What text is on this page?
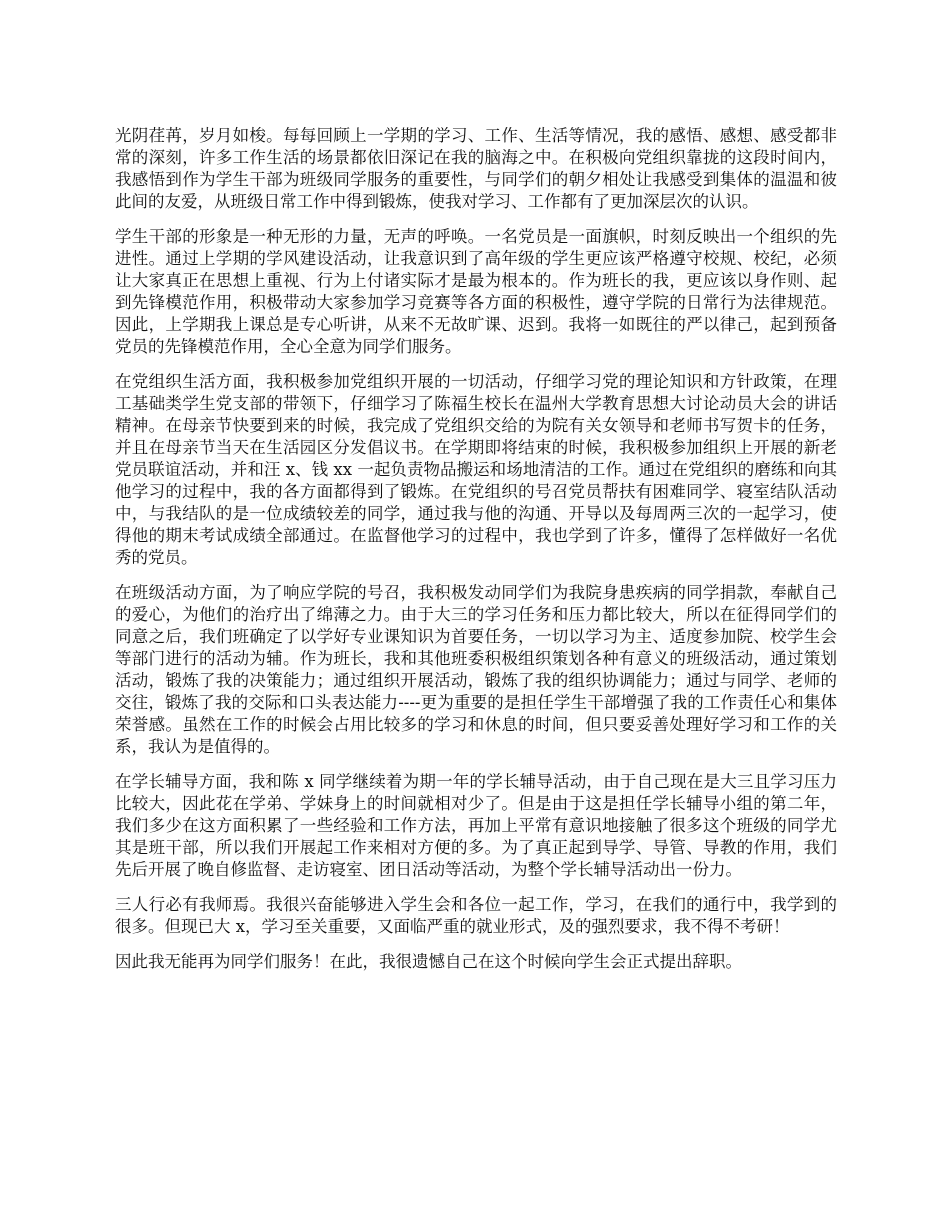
光阴荏苒，岁月如梭。每每回顾上一学期的学习、工作、生活等情况，我的感悟、感想、感受都非常的深刻，许多工作生活的场景都依旧深记在我的脑海之中。在积极向党组织靠拢的这段时间内，我感悟到作为学生干部为班级同学服务的重要性，与同学们的朝夕相处让我感受到集体的温温和彼此间的友爱，从班级日常工作中得到锻炼，使我对学习、工作都有了更加深层次的认识。

学生干部的形象是一种无形的力量，无声的呼唤。一名党员是一面旗帜，时刻反映出一个组织的先进性。通过上学期的学风建设活动，让我意识到了高年级的学生更应该严格遵守校规、校纪，必须让大家真正在思想上重视、行为上付诸实际才是最为根本的。作为班长的我，更应该以身作则、起到先锋模范作用，积极带动大家参加学习竞赛等各方面的积极性，遵守学院的日常行为法律规范。因此，上学期我上课总是专心听讲，从来不无故旷课、迟到。我将一如既往的严以律己，起到预备党员的先锋模范作用，全心全意为同学们服务。

在党组织生活方面，我积极参加党组织开展的一切活动，仔细学习党的理论知识和方针政策，在理工基础类学生党支部的带领下，仔细学习了陈福生校长在温州大学教育思想大讨论动员大会的讲话精神。在母亲节快要到来的时候，我完成了党组织交给的为院有关女领导和老师书写贺卡的任务，并且在母亲节当天在生活园区分发倡议书。在学期即将结束的时候，我积极参加组织上开展的新老党员联谊活动，并和汪 x、钱 xx 一起负责物品搬运和场地清洁的工作。通过在党组织的磨练和向其他学习的过程中，我的各方面都得到了锻炼。在党组织的号召党员帮扶有困难同学、寝室结队活动中，与我结队的是一位成绩较差的同学，通过我与他的沟通、开导以及每周两三次的一起学习，使得他的期末考试成绩全部通过。在监督他学习的过程中，我也学到了许多，懂得了怎样做好一名优秀的党员。

在班级活动方面，为了响应学院的号召，我积极发动同学们为我院身患疾病的同学捐款，奉献自己的爱心，为他们的治疗出了绵薄之力。由于大三的学习任务和压力都比较大，所以在征得同学们的同意之后，我们班确定了以学好专业课知识为首要任务，一切以学习为主、适度参加院、校学生会等部门进行的活动为辅。作为班长，我和其他班委积极组织策划各种有意义的班级活动，通过策划活动，锻炼了我的决策能力；通过组织开展活动，锻炼了我的组织协调能力；通过与同学、老师的交往，锻炼了我的交际和口头表达能力----更为重要的是担任学生干部增强了我的工作责任心和集体荣誉感。虽然在工作的时候会占用比较多的学习和休息的时间，但只要妥善处理好学习和工作的关系，我认为是值得的。

在学长辅导方面，我和陈 x 同学继续着为期一年的学长辅导活动，由于自己现在是大三且学习压力比较大，因此花在学弟、学妹身上的时间就相对少了。但是由于这是担任学长辅导小组的第二年，我们多少在这方面积累了一些经验和工作方法，再加上平常有意识地接触了很多这个班级的同学尤其是班干部，所以我们开展起工作来相对方便的多。为了真正起到导学、导管、导教的作用，我们先后开展了晚自修监督、走访寝室、团日活动等活动，为整个学长辅导活动出一份力。

三人行必有我师焉。我很兴奋能够进入学生会和各位一起工作，学习，在我们的通行中，我学到的很多。但现已大 x，学习至关重要，又面临严重的就业形式，及的强烈要求，我不得不考研！

因此我无能再为同学们服务！在此，我很遗憾自己在这个时候向学生会正式提出辞职。
